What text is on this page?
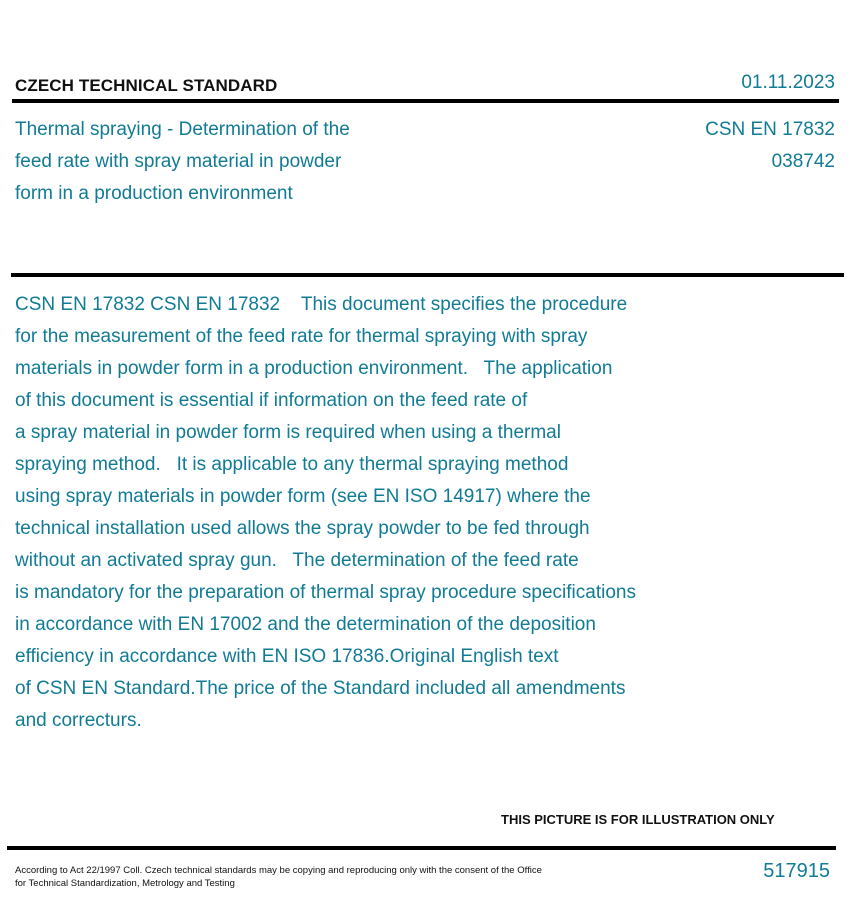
CZECH TECHNICAL STANDARD	01.11.2023
Thermal spraying - Determination of the
feed rate with spray material in powder
form in a production environment
CSN EN 17832
038742
CSN EN 17832 CSN EN 17832    This document specifies the procedure
for the measurement of the feed rate for thermal spraying with spray
materials in powder form in a production environment.   The application
of this document is essential if information on the feed rate of
a spray material in powder form is required when using a thermal
spraying method.   It is applicable to any thermal spraying method
using spray materials in powder form (see EN ISO 14917) where the
technical installation used allows the spray powder to be fed through
without an activated spray gun.   The determination of the feed rate
is mandatory for the preparation of thermal spray procedure specifications
in accordance with EN 17002 and the determination of the deposition
efficiency in accordance with EN ISO 17836.Original English text
of CSN EN Standard.The price of the Standard included all amendments
and correcturs.
THIS PICTURE IS FOR ILLUSTRATION ONLY
According to Act 22/1997 Coll. Czech technical standards may be copying and reproducing only with the consent of the Office
for Technical Standardization, Metrology and Testing
517915
